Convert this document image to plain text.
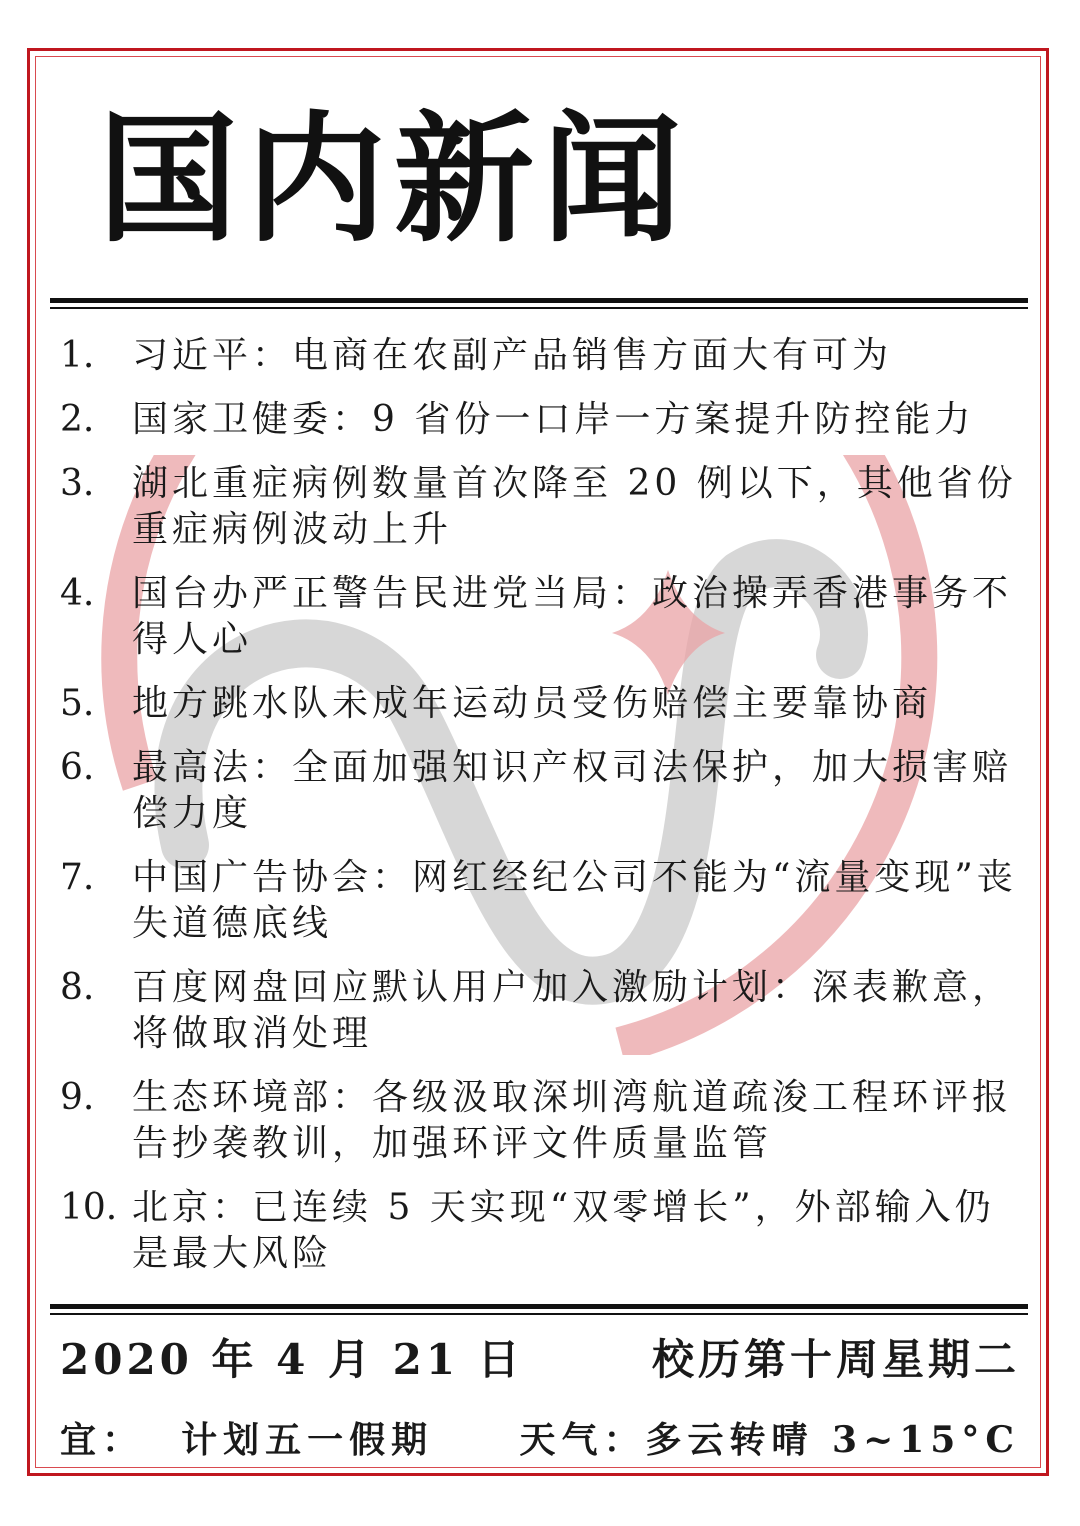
国内新闻
1.	习近平：电商在农副产品销售方面大有可为
2.	国家卫健委：9 省份一口岸一方案提升防控能力
3.	湖北重症病例数量首次降至 20 例以下，其他省份重症病例波动上升
4.	国台办严正警告民进党当局：政治操弄香港事务不得人心
5.	地方跳水队未成年运动员受伤赔偿主要靠协商
6.	最高法：全面加强知识产权司法保护，加大损害赔偿力度
7.	中国广告协会：网红经纪公司不能为“流量变现”丧失道德底线
8.	百度网盘回应默认用户加入激励计划：深表歉意，将做取消处理
9.	生态环境部：各级汲取深圳湾航道疏浚工程环评报告抄袭教训，加强环评文件质量监管
10. 北京：已连续 5 天实现“双零增长”，外部输入仍是最大风险
2020 年 4 月 21 日	校历第十周星期二
宜：  计划五一假期 天气：多云转晴 3~15°C
